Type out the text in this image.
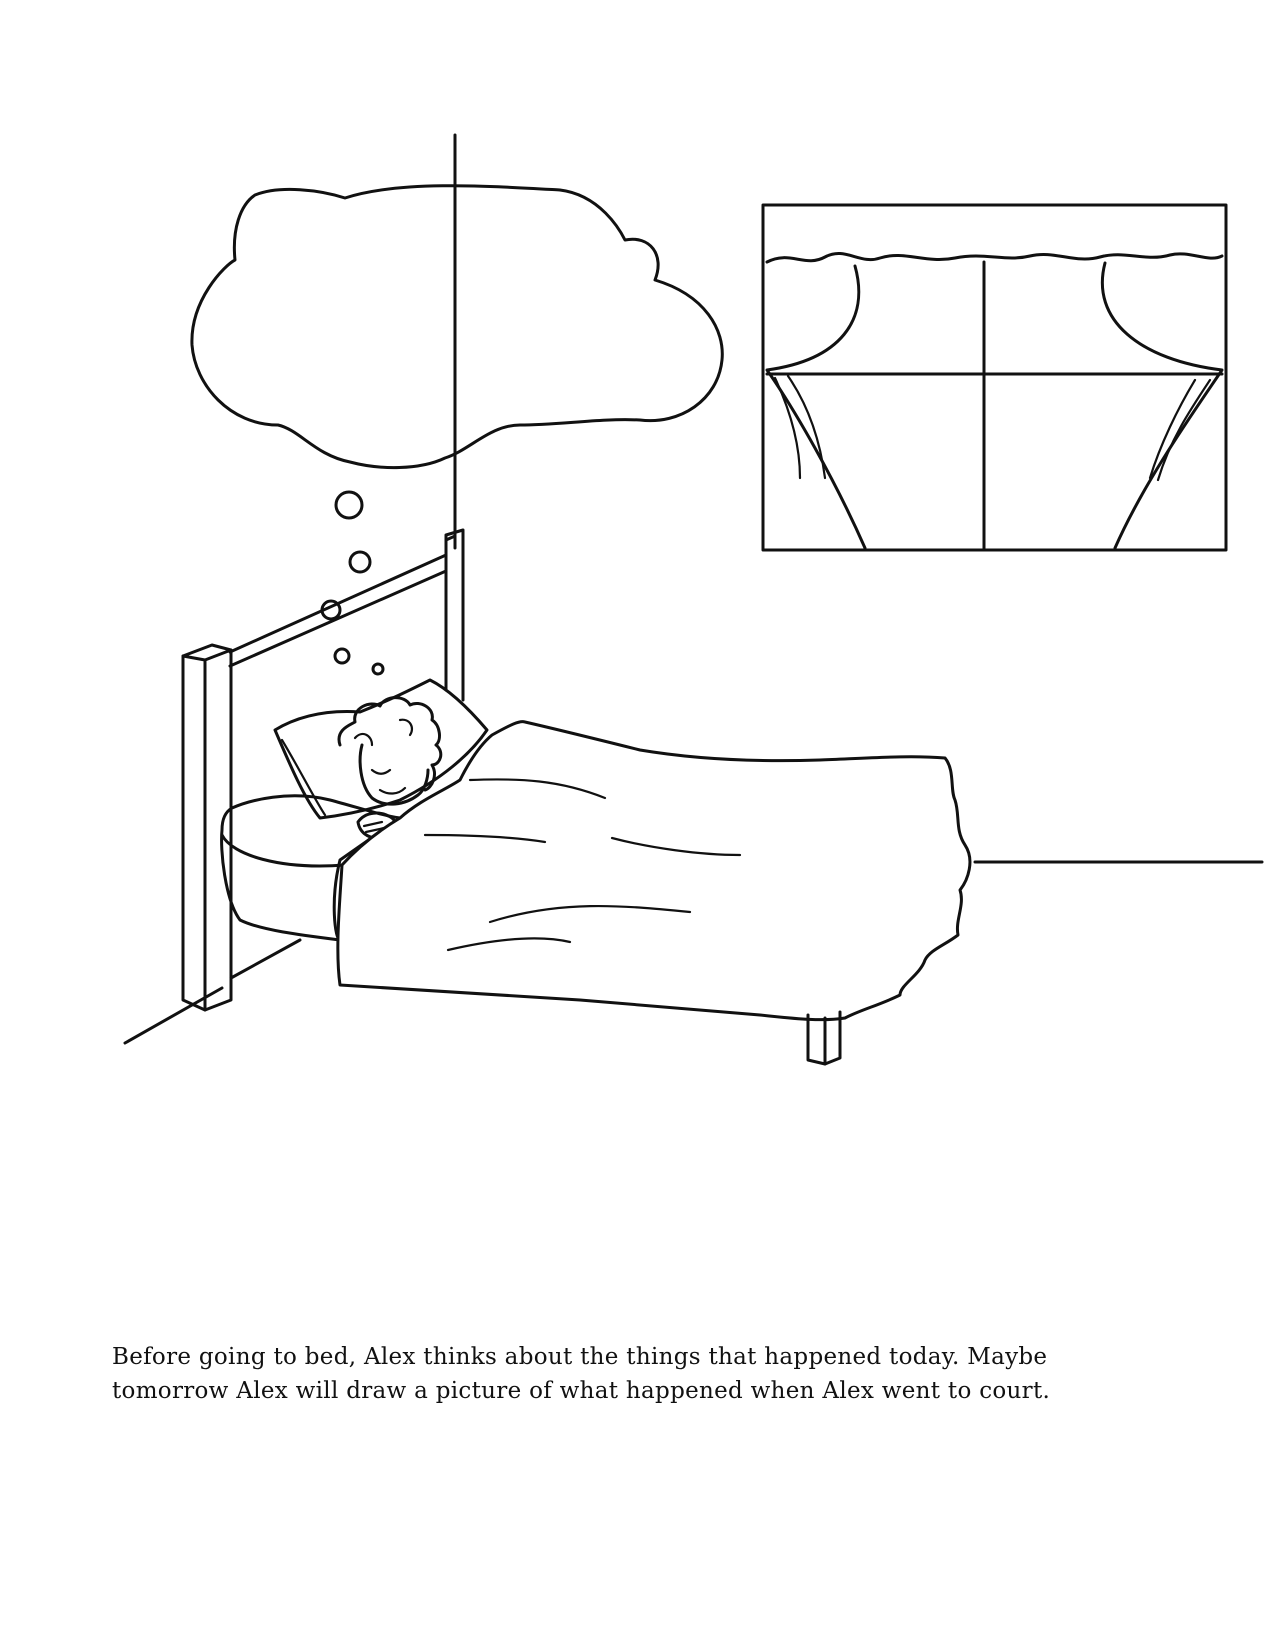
Before going to bed, Alex thinks about the things that happened today. Maybe
tomorrow Alex will draw a picture of what happened when Alex went to court.
